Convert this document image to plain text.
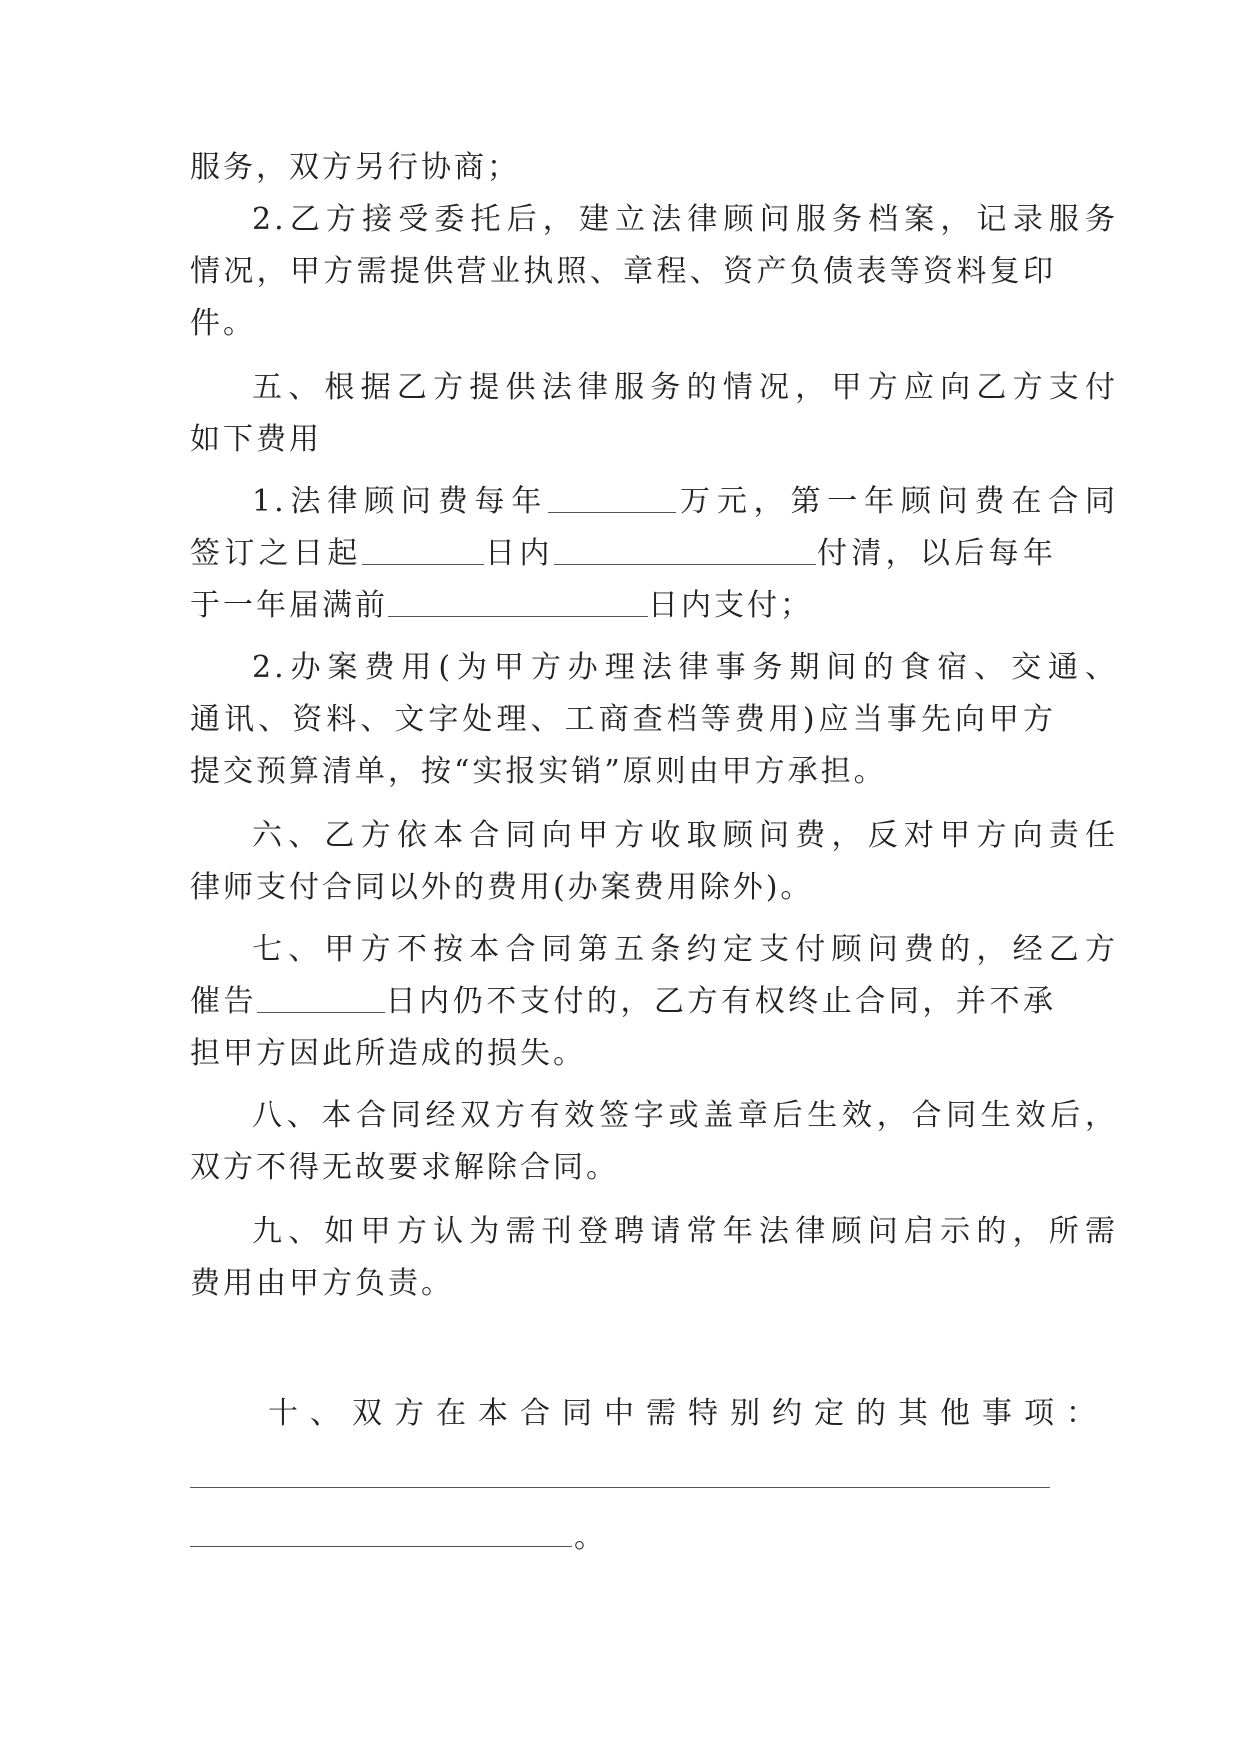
服务，双方另行协商；
2.乙方接受委托后，建立法律顾问服务档案，记录服务
情况，甲方需提供营业执照、章程、资产负债表等资料复印
件。
五、根据乙方提供法律服务的情况，甲方应向乙方支付
如下费用
1.法律顾问费每年	万元，第一年顾问费在合同
签订之日起	日内	付清，以后每年
于一年届满前	日内支付；
2.办案费用(为甲方办理法律事务期间的食宿、交通、
通讯、资料、文字处理、工商查档等费用)应当事先向甲方
提交预算清单，按“实报实销”原则由甲方承担。
六、乙方依本合同向甲方收取顾问费，反对甲方向责任
律师支付合同以外的费用(办案费用除外)。
七、甲方不按本合同第五条约定支付顾问费的，经乙方
催告	日内仍不支付的，乙方有权终止合同，并不承
担甲方因此所造成的损失。
八、本合同经双方有效签字或盖章后生效，合同生效后，
双方不得无故要求解除合同。
九、如甲方认为需刊登聘请常年法律顾问启示的，所需
费用由甲方负责。
十、双方在本合同中需特别约定的其他事项：
。
